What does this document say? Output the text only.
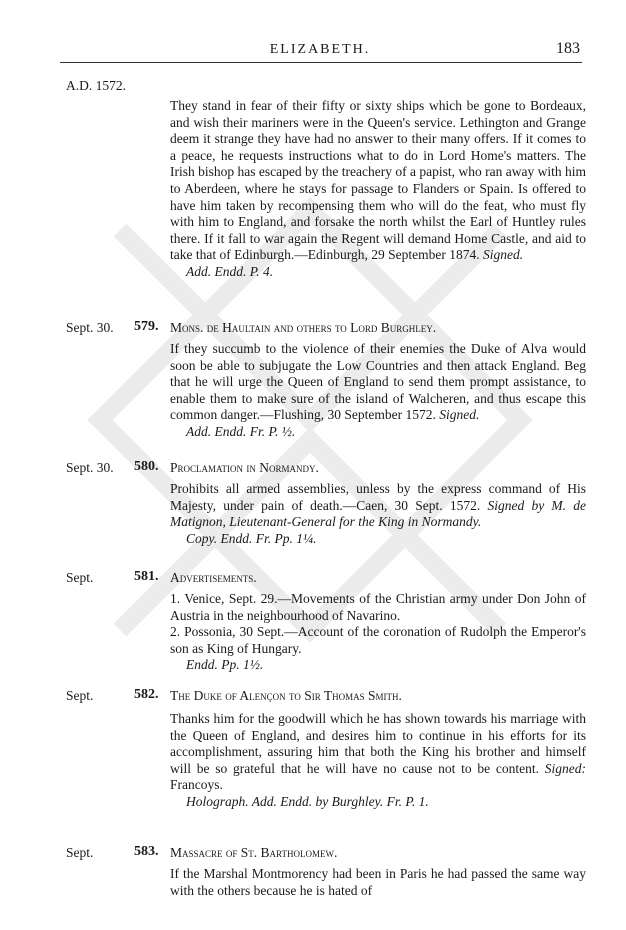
ELIZABETH.	183
A.D. 1572.

They stand in fear of their fifty or sixty ships which be gone to Bordeaux, and wish their mariners were in the Queen's service. Lethington and Grange deem it strange they have had no answer to their many offers. If it comes to a peace, he requests instructions what to do in Lord Home's matters. The Irish bishop has escaped by the treachery of a papist, who ran away with him to Aberdeen, where he stays for passage to Flanders or Spain. Is offered to have him taken by recompensing them who will do the feat, who must fly with him to England, and forsake the north whilst the Earl of Huntley rules there. If it fall to war again the Regent will demand Home Castle, and aid to take that of Edinburgh.—Edinburgh, 29 September 1874. Signed.

Add. Endd. P. 4.

Sept. 30. 579. Mons. de Haultain and others to Lord Burghley.

If they succumb to the violence of their enemies the Duke of Alva would soon be able to subjugate the Low Countries and then attack England. Beg that he will urge the Queen of England to send them prompt assistance, to enable them to make sure of the island of Walcheren, and thus escape this common danger.—Flushing, 30 September 1572. Signed.

Add. Endd. Fr. P. ½.

Sept. 30. 580. Proclamation in Normandy.

Prohibits all armed assemblies, unless by the express command of His Majesty, under pain of death.—Caen, 30 Sept. 1572. Signed by M. de Matignon, Lieutenant-General for the King in Normandy.

Copy. Endd. Fr. Pp. 1¼.

Sept.	581. Advertisements.

1. Venice, Sept. 29.—Movements of the Christian army under Don John of Austria in the neighbourhood of Navarino.

2. Possonia, 30 Sept.—Account of the coronation of Rudolph the Emperor's son as King of Hungary.

Endd. Pp. 1½.

Sept.	582. The Duke of Alençon to Sir Thomas Smith.

Thanks him for the goodwill which he has shown towards his marriage with the Queen of England, and desires him to continue in his efforts for its accomplishment, assuring him that both the King his brother and himself will be so grateful that he will have no cause not to be content. Signed: Francoys.

Holograph. Add. Endd. by Burghley. Fr. P. 1.

Sept.	583. Massacre of St. Bartholomew.

If the Marshal Montmorency had been in Paris he had passed the same way with the others because he is hated of
